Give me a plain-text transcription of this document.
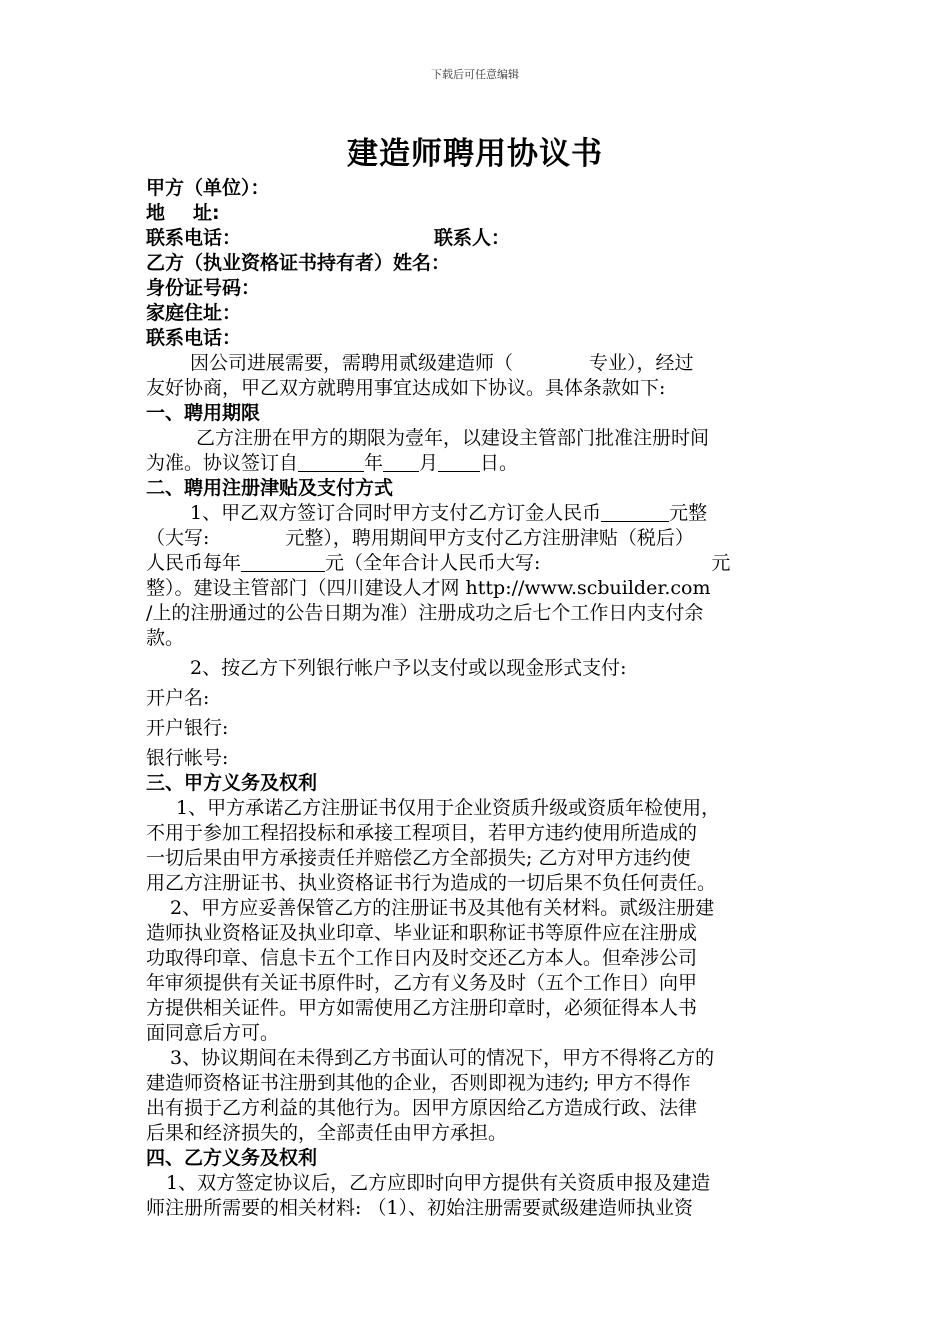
下载后可任意编辑
建造师聘用协议书
甲方（单位）：
地 址:
联系电话：	联系人：
乙方（执业资格证书持有者）姓名：
身份证号码：
家庭住址：
联系电话：
因公司进展需要，需聘用贰级建造师（　　　　专业），经过
友好协商，甲乙双方就聘用事宜达成如下协议。具体条款如下:
一、聘用期限
乙方注册在甲方的期限为壹年，以建设主管部门批准注册时间
为准。协议签订自	年 月 日。
二、聘用注册津贴及支付方式
1、甲乙双方签订合同时甲方支付乙方订金人民币	元整
（大写:　　　　元整），聘用期间甲方支付乙方注册津贴（税后）
人民币每年	元（全年合计人民币大写:　　　　　　　　　元
整）。建设主管部门（四川建设人才网 http://www.scbuilder.com
/上的注册通过的公告日期为准）注册成功之后七个工作日内支付余
款。
2、按乙方下列银行帐户予以支付或以现金形式支付:
开户名:
开户银行:
银行帐号:
三、甲方义务及权利
1、甲方承诺乙方注册证书仅用于企业资质升级或资质年检使用，
不用于参加工程招投标和承接工程项目，若甲方违约使用所造成的
一切后果由甲方承接责任并赔偿乙方全部损失; 乙方对甲方违约使
用乙方注册证书、执业资格证书行为造成的一切后果不负任何责任。
2、甲方应妥善保管乙方的注册证书及其他有关材料。贰级注册建
造师执业资格证及执业印章、毕业证和职称证书等原件应在注册成
功取得印章、信息卡五个工作日内及时交还乙方本人。但牵涉公司
年审须提供有关证书原件时，乙方有义务及时（五个工作日）向甲
方提供相关证件。甲方如需使用乙方注册印章时，必须征得本人书
面同意后方可。
3、协议期间在未得到乙方书面认可的情况下，甲方不得将乙方的
建造师资格证书注册到其他的企业，否则即视为违约; 甲方不得作
出有损于乙方利益的其他行为。因甲方原因给乙方造成行政、法律
后果和经济损失的，全部责任由甲方承担。
四、乙方义务及权利
1、双方签定协议后，乙方应即时向甲方提供有关资质申报及建造
师注册所需要的相关材料: （1）、初始注册需要贰级建造师执业资
